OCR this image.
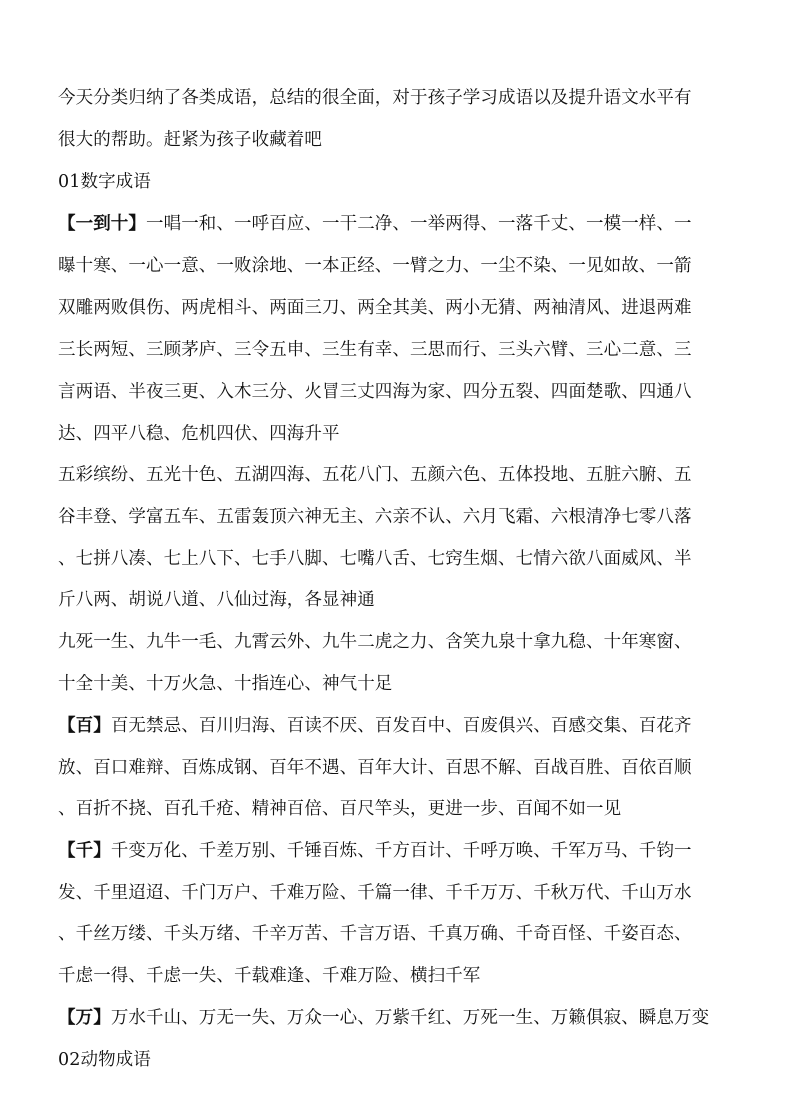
今天分类归纳了各类成语，总结的很全面，对于孩子学习成语以及提升语文水平有
很大的帮助。赶紧为孩子收藏着吧
01数字成语
【一到十】一唱一和、一呼百应、一干二净、一举两得、一落千丈、一模一样、一
曝十寒、一心一意、一败涂地、一本正经、一臂之力、一尘不染、一见如故、一箭
双雕两败俱伤、两虎相斗、两面三刀、两全其美、两小无猜、两袖清风、进退两难
三长两短、三顾茅庐、三令五申、三生有幸、三思而行、三头六臂、三心二意、三
言两语、半夜三更、入木三分、火冒三丈四海为家、四分五裂、四面楚歌、四通八
达、四平八稳、危机四伏、四海升平
五彩缤纷、五光十色、五湖四海、五花八门、五颜六色、五体投地、五脏六腑、五
谷丰登、学富五车、五雷轰顶六神无主、六亲不认、六月飞霜、六根清净七零八落
、七拼八凑、七上八下、七手八脚、七嘴八舌、七窍生烟、七情六欲八面威风、半
斤八两、胡说八道、八仙过海，各显神通
九死一生、九牛一毛、九霄云外、九牛二虎之力、含笑九泉十拿九稳、十年寒窗、
十全十美、十万火急、十指连心、神气十足
【百】百无禁忌、百川归海、百读不厌、百发百中、百废俱兴、百感交集、百花齐
放、百口难辩、百炼成钢、百年不遇、百年大计、百思不解、百战百胜、百依百顺
、百折不挠、百孔千疮、精神百倍、百尺竿头，更进一步、百闻不如一见
【千】千变万化、千差万别、千锤百炼、千方百计、千呼万唤、千军万马、千钧一
发、千里迢迢、千门万户、千难万险、千篇一律、千千万万、千秋万代、千山万水
、千丝万缕、千头万绪、千辛万苦、千言万语、千真万确、千奇百怪、千姿百态、
千虑一得、千虑一失、千载难逢、千难万险、横扫千军
【万】万水千山、万无一失、万众一心、万紫千红、万死一生、万籁俱寂、瞬息万变
02动物成语
